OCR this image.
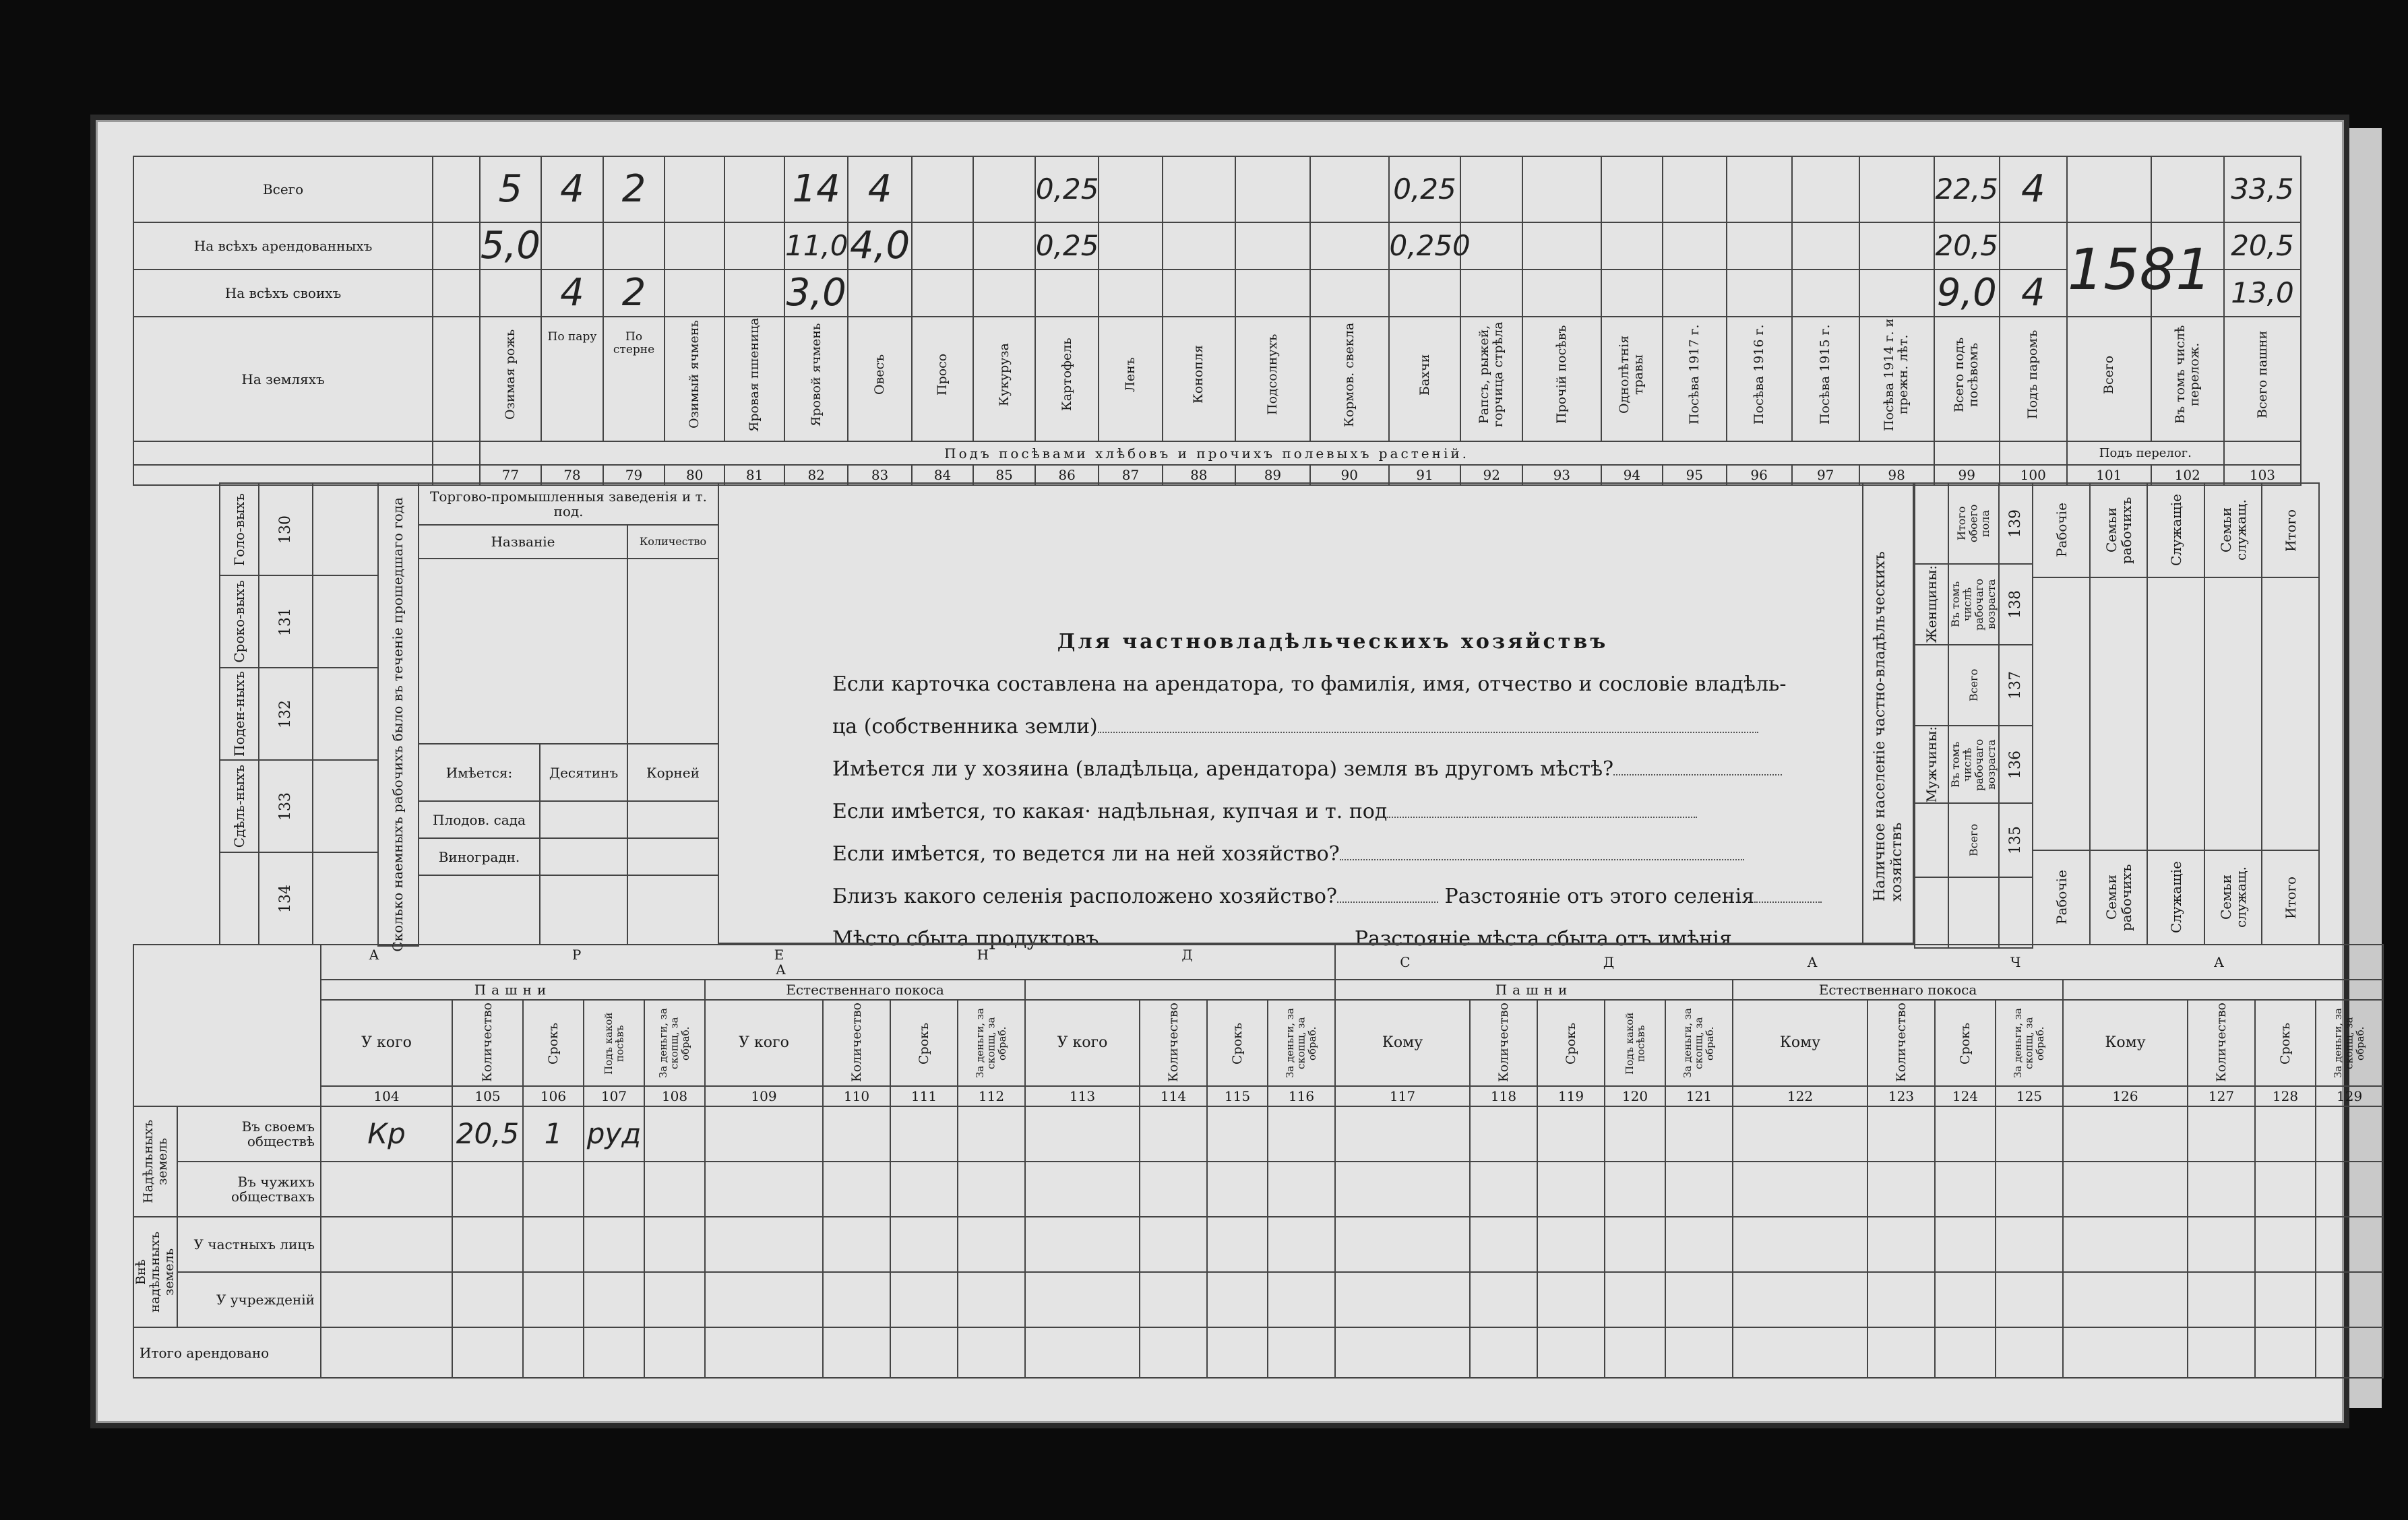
Всего		5	4	2			14	4			0,25					0,25								22,5	4			33,5
На всѣхъ арендованныхъ		5,0					11,0	4,0			0,25					0,250								20,5		1581		20,5
На всѣхъ своихъ			4	2			3,0																	9,0	4			13,0
На земляхъ		Озимая рожь	По пару	По стерне	Озимый ячмень	Яровая пшеница	Яровой ячмень	Овесъ	Просо	Кукуруза	Картофель	Ленъ	Конопля	Подсолнухъ	Кормов. свекла	Бахчи	Рапсъ, рыжей, горчица стрѣла	Прочій посѣвъ	Однолѣтнія травы	Посѣва 1917 г.	Посѣва 1916 г.	Посѣва 1915 г.	Посѣва 1914 г. и прежн. лѣт.	Всего подъ посѣвомъ	Подъ паромъ	Всего	Въ томъ числѣ перелож.	Всего пашни

		Подъ посѣвами хлѣбовъ и прочихъ полевыхъ растеній.																								Подъ перелог.		
		77	78	79	80	81	82	83	84	85	86	87	88	89	90	91	92	93	94	95	96	97	98	99	100	101	102	103
Голо-выхъ	130	

Сроко-выхъ	131	

Поден-ныхъ	132	

Сдѣль-ныхъ	133	

	134	
		Сколько наемныхъ рабочихъ было въ теченіе прошедшаго года
Торгово-промышленныя заведенія и т. под.		
Названіе		Количество

Имѣется:	Десятинъ	Корней
Плодов. сада		
Виноградн.		

Для частновладѣльческихъ хозяйствъ
Если карточка составлена на арендатора, то фамилія, имя, отчество и сословіе владѣль-
ца (собственника земли)
Имѣется ли у хозяина (владѣльца, арендатора) земля въ другомъ мѣстѣ?
Если имѣется, то какая· надѣльная, купчая и т. под
Если имѣется, то ведется ли на ней хозяйство?
Близъ какого селенія расположено хозяйство?	Разстояніе отъ этого селенія
Мѣсто сбыта продуктовъ	Разстояніе мѣста сбыта отъ имѣнія
Наличное населеніе частно-владѣльческихъ хозяйствъ

	Итого обоего пола	139

Женщины:	Въ томъ числѣ рабочаго возраста	138

	Всего	137

Мужчины:	Въ томъ числѣ рабочаго возраста	136

	Всего	135

Рабочіе	Семьи рабочихъ	Служащіе	Семьи служащ.	Итого

Рабочіе	Семьи рабочихъ	Служащіе	Семьи служащ.	Итого
		А Р Е Н Д А													С Д А Ч А												
		Пашни					Естественнаго покоса								Пашни					Естественнаго покоса							
		У кого	Количество	Срокъ	Подъ какой посѣвъ	За деньги, за скопщ, за обраб.	У кого	Количество	Срокъ	За деньги, за скопщ, за обраб.	У кого	Количество	Срокъ	За деньги, за скопщ, за обраб.	Кому	Количество	Срокъ	Подъ какой посѣвъ	За деньги, за скопщ, за обраб.	Кому	Количество	Срокъ	За деньги, за скопщ, за обраб.	Кому	Количество	Срокъ	За деньги, за скопщ, за обраб.

		104	105	106	107	108	109	110	111	112	113	114	115	116	117	118	119	120	121	122	123	124	125	126	127	128	129

Надѣльныхъ земель	Въ своемъ обществѣ	Кр	20,5	1	руд																						
	Въ чужихъ обществахъ																										

Внѣ надѣльныхъ земель	У частныхъ лицъ																										
	У учрежденій																										
Итого арендовано																											
